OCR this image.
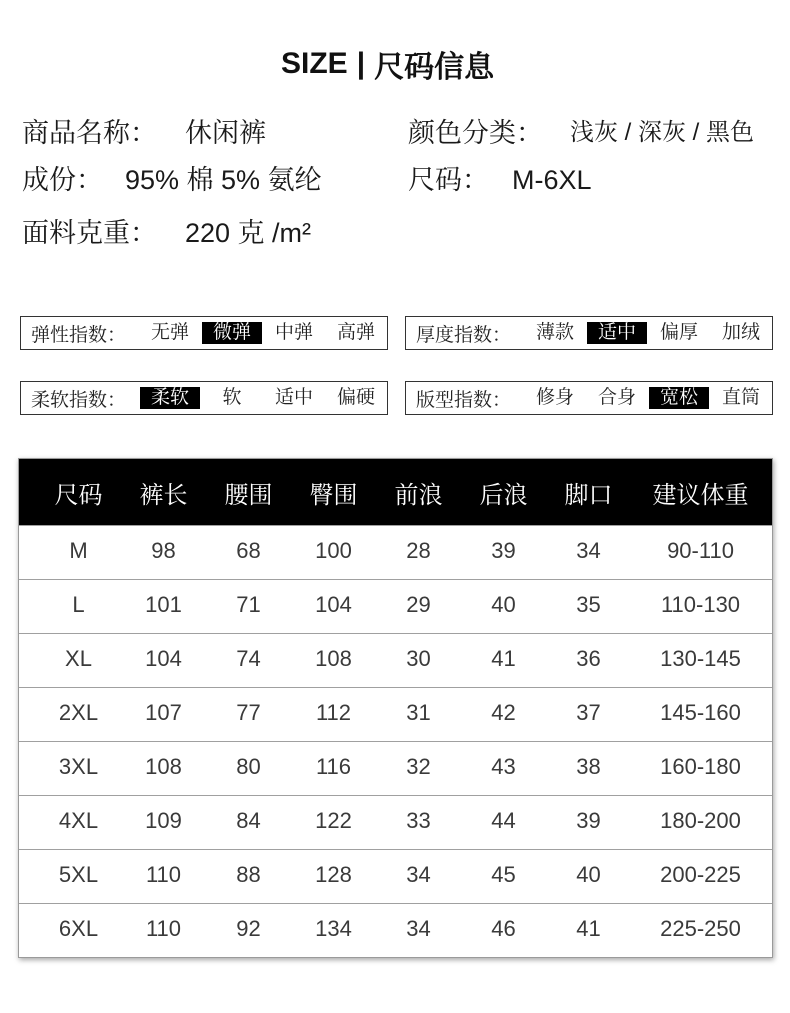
SIZE | 尺码信息
商品名称： 休闲裤	颜色分类： 浅灰 / 深灰 / 黑色
成份： 95% 棉 5% 氨纶	尺码： M-6XL
面料克重： 220 克 /m²
弹性指数：	无弹	微弹	中弹	高弹	厚度指数：	薄款	适中	偏厚	加绒
柔软指数：	柔软	软	适中	偏硬	版型指数：	修身	合身	宽松	直筒
尺码	裤长	腰围	臀围	前浪	后浪	脚口	建议体重
M	98	68	100	28	39	34	90-110
L	101	71	104	29	40	35	110-130
XL	104	74	108	30	41	36	130-145
2XL	107	77	112	31	42	37	145-160
3XL	108	80	116	32	43	38	160-180
4XL	109	84	122	33	44	39	180-200
5XL	110	88	128	34	45	40	200-225
6XL	110	92	134	34	46	41	225-250
